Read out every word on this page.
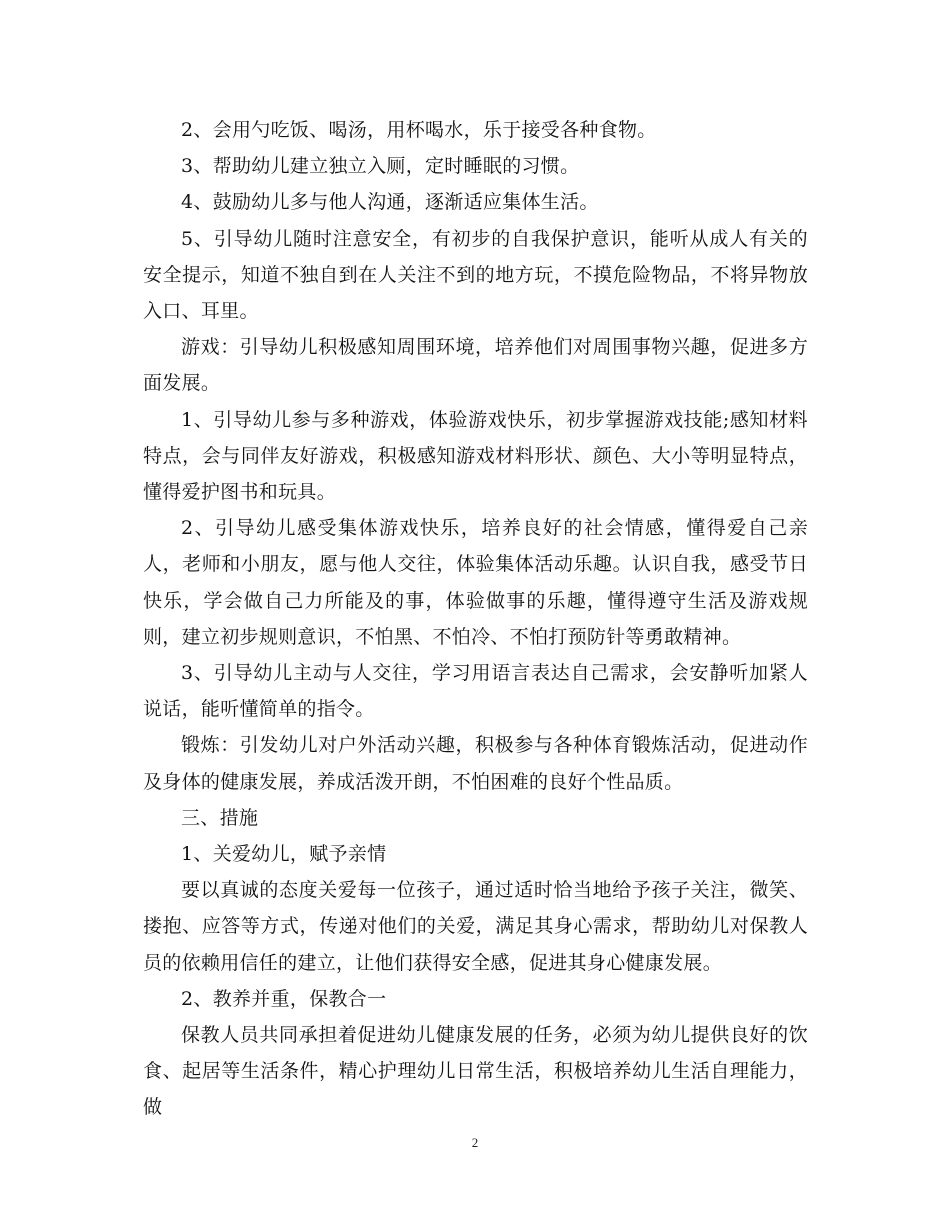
2、会用勺吃饭、喝汤，用杯喝水，乐于接受各种食物。

3、帮助幼儿建立独立入厕，定时睡眠的习惯。

4、鼓励幼儿多与他人沟通，逐渐适应集体生活。

5、引导幼儿随时注意安全，有初步的自我保护意识，能听从成人有关的安全提示，知道不独自到在人关注不到的地方玩，不摸危险物品，不将异物放入口、耳里。

游戏：引导幼儿积极感知周围环境，培养他们对周围事物兴趣，促进多方面发展。

1、引导幼儿参与多种游戏，体验游戏快乐，初步掌握游戏技能;感知材料特点，会与同伴友好游戏，积极感知游戏材料形状、颜色、大小等明显特点，懂得爱护图书和玩具。

2、引导幼儿感受集体游戏快乐，培养良好的社会情感，懂得爱自己亲人，老师和小朋友，愿与他人交往，体验集体活动乐趣。认识自我，感受节日快乐，学会做自己力所能及的事，体验做事的乐趣，懂得遵守生活及游戏规则，建立初步规则意识，不怕黑、不怕冷、不怕打预防针等勇敢精神。

3、引导幼儿主动与人交往，学习用语言表达自己需求，会安静听加紧人说话，能听懂简单的指令。

锻炼：引发幼儿对户外活动兴趣，积极参与各种体育锻炼活动，促进动作及身体的健康发展，养成活泼开朗，不怕困难的良好个性品质。

三、措施

1、关爱幼儿，赋予亲情

要以真诚的态度关爱每一位孩子，通过适时恰当地给予孩子关注，微笑、搂抱、应答等方式，传递对他们的关爱，满足其身心需求，帮助幼儿对保教人员的依赖用信任的建立，让他们获得安全感，促进其身心健康发展。

2、教养并重，保教合一

保教人员共同承担着促进幼儿健康发展的任务，必须为幼儿提供良好的饮食、起居等生活条件，精心护理幼儿日常生活，积极培养幼儿生活自理能力，做

2
